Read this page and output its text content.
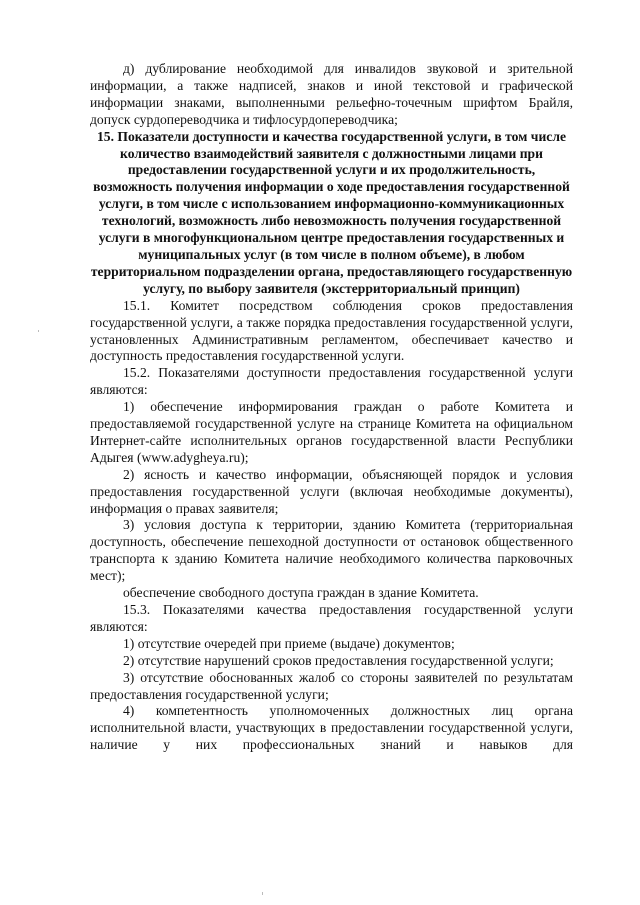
д) дублирование необходимой для инвалидов звуковой и зрительной информации, а также надписей, знаков и иной текстовой и графической информации знаками, выполненными рельефно-точечным шрифтом Брайля, допуск сурдопереводчика и тифлосурдопереводчика;

15. Показатели доступности и качества государственной услуги, в том числе количество взаимодействий заявителя с должностными лицами при предоставлении государственной услуги и их продолжительность, возможность получения информации о ходе предоставления государственной услуги, в том числе с использованием информационно-коммуникационных технологий, возможность либо невозможность получения государственной услуги в многофункциональном центре предоставления государственных и муниципальных услуг (в том числе в полном объеме), в любом территориальном подразделении органа, предоставляющего государственную услугу, по выбору заявителя (экстерриториальный принцип)

15.1. Комитет посредством соблюдения сроков предоставления государственной услуги, а также порядка предоставления государственной услуги, установленных Административным регламентом, обеспечивает качество и доступность предоставления государственной услуги.

15.2. Показателями доступности предоставления государственной услуги являются:

1) обеспечение информирования граждан о работе Комитета и предоставляемой государственной услуге на странице Комитета на официальном Интернет-сайте исполнительных органов государственной власти Республики Адыгея (www.adygheya.ru);

2) ясность и качество информации, объясняющей порядок и условия предоставления государственной услуги (включая необходимые документы), информация о правах заявителя;

3) условия доступа к территории, зданию Комитета (территориальная доступность, обеспечение пешеходной доступности от остановок общественного транспорта к зданию Комитета наличие необходимого количества парковочных мест);

обеспечение свободного доступа граждан в здание Комитета.

15.3. Показателями качества предоставления государственной услуги являются:

1) отсутствие очередей при приеме (выдаче) документов;

2) отсутствие нарушений сроков предоставления государственной услуги;

3) отсутствие обоснованных жалоб со стороны заявителей по результатам предоставления государственной услуги;

4) компетентность уполномоченных должностных лиц органа исполнительной власти, участвующих в предоставлении государственной услуги, наличие у них профессиональных знаний и навыков для
